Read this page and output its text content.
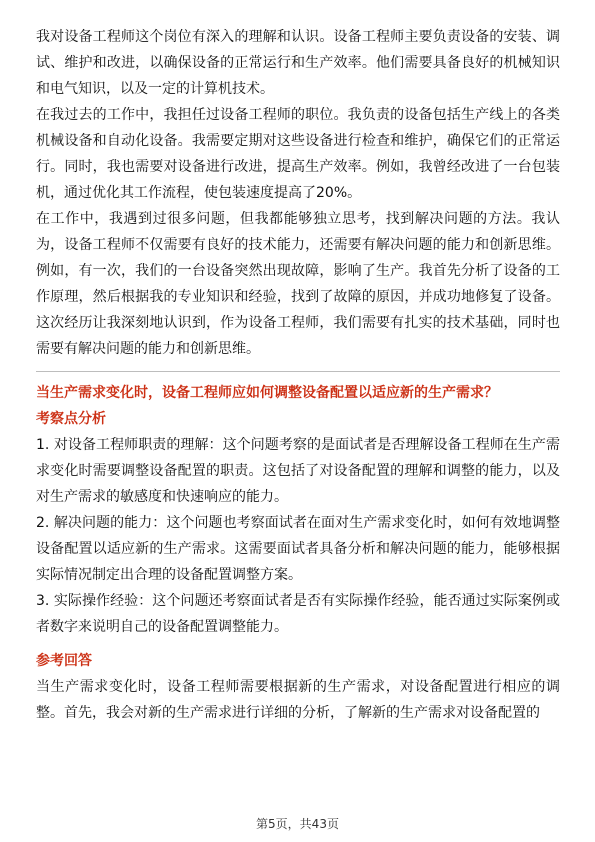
我对设备工程师这个岗位有深入的理解和认识。设备工程师主要负责设备的安装、调试、维护和改进，以确保设备的正常运行和生产效率。他们需要具备良好的机械知识和电气知识，以及一定的计算机技术。

在我过去的工作中，我担任过设备工程师的职位。我负责的设备包括生产线上的各类机械设备和自动化设备。我需要定期对这些设备进行检查和维护，确保它们的正常运行。同时，我也需要对设备进行改进，提高生产效率。例如，我曾经改进了一台包装机，通过优化其工作流程，使包装速度提高了20%。

在工作中，我遇到过很多问题，但我都能够独立思考，找到解决问题的方法。我认为，设备工程师不仅需要有良好的技术能力，还需要有解决问题的能力和创新思维。例如，有一次，我们的一台设备突然出现故障，影响了生产。我首先分析了设备的工作原理，然后根据我的专业知识和经验，找到了故障的原因，并成功地修复了设备。这次经历让我深刻地认识到，作为设备工程师，我们需要有扎实的技术基础，同时也需要有解决问题的能力和创新思维。

当生产需求变化时，设备工程师应如何调整设备配置以适应新的生产需求？
考察点分析

1. 对设备工程师职责的理解：这个问题考察的是面试者是否理解设备工程师在生产需求变化时需要调整设备配置的职责。这包括了对设备配置的理解和调整的能力，以及对生产需求的敏感度和快速响应的能力。

2. 解决问题的能力：这个问题也考察面试者在面对生产需求变化时，如何有效地调整设备配置以适应新的生产需求。这需要面试者具备分析和解决问题的能力，能够根据实际情况制定出合理的设备配置调整方案。

3. 实际操作经验：这个问题还考察面试者是否有实际操作经验，能否通过实际案例或者数字来说明自己的设备配置调整能力。

参考回答

当生产需求变化时，设备工程师需要根据新的生产需求，对设备配置进行相应的调整。首先，我会对新的生产需求进行详细的分析，了解新的生产需求对设备配置的

第5页，共43页
